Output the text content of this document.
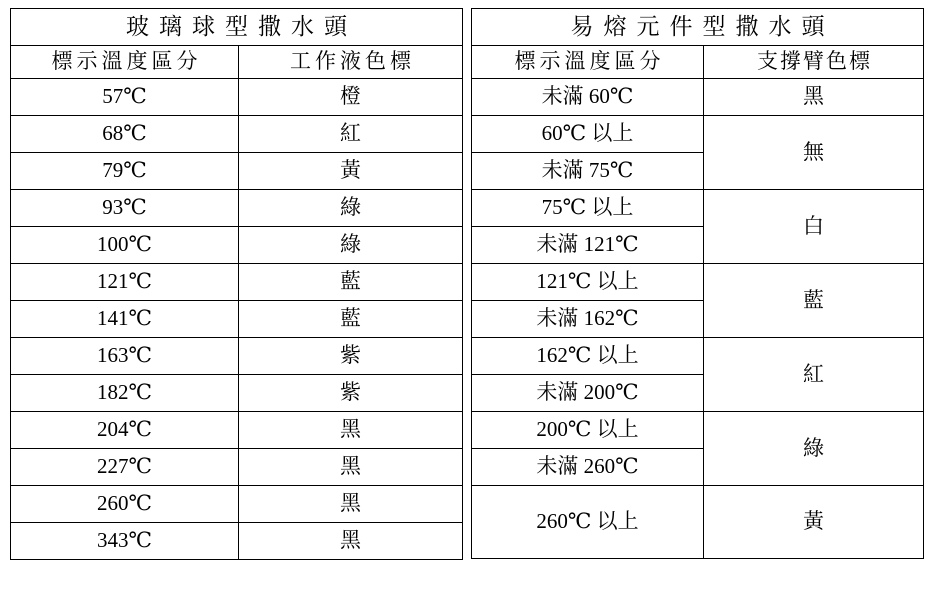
玻璃球型撒水頭	
標示溫度區分	工作液色標
57℃	橙
68℃	紅
79℃	黃
93℃	綠
100℃	綠
121℃	藍
141℃	藍
163℃	紫
182℃	紫
204℃	黑
227℃	黑
260℃	黑
343℃	黑
易熔元件型撒水頭	
標示溫度區分	支撐臂色標
未滿 60℃	黑
60℃ 以上	無
未滿 75℃	
75℃ 以上	白
未滿 121℃	
121℃ 以上	藍
未滿 162℃	
162℃ 以上	紅
未滿 200℃	
200℃ 以上	綠
未滿 260℃	
260℃ 以上	黃
